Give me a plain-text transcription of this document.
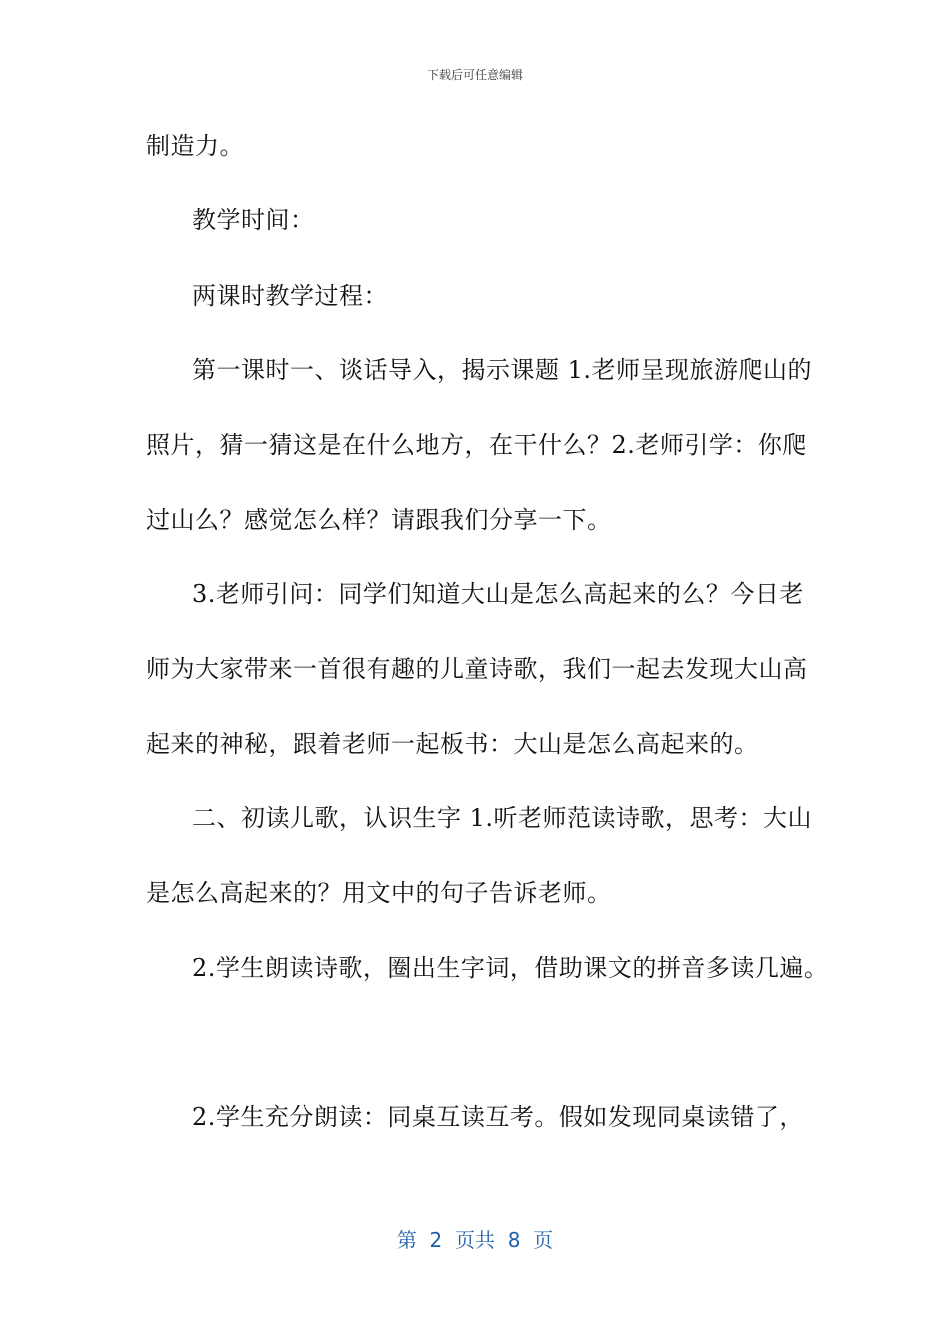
下载后可任意编辑
制造力。
教学时间：
两课时教学过程：
第一课时一、谈话导入，揭示课题 1.老师呈现旅游爬山的
照片，猜一猜这是在什么地方，在干什么？2.老师引学：你爬
过山么？感觉怎么样？请跟我们分享一下。
3.老师引问：同学们知道大山是怎么高起来的么？今日老
师为大家带来一首很有趣的儿童诗歌，我们一起去发现大山高
起来的神秘，跟着老师一起板书：大山是怎么高起来的。
二、初读儿歌，认识生字 1.听老师范读诗歌，思考：大山
是怎么高起来的？用文中的句子告诉老师。
2.学生朗读诗歌，圈出生字词，借助课文的拼音多读几遍。
2.学生充分朗读：同桌互读互考。假如发现同桌读错了，
第  2  页共  8  页
